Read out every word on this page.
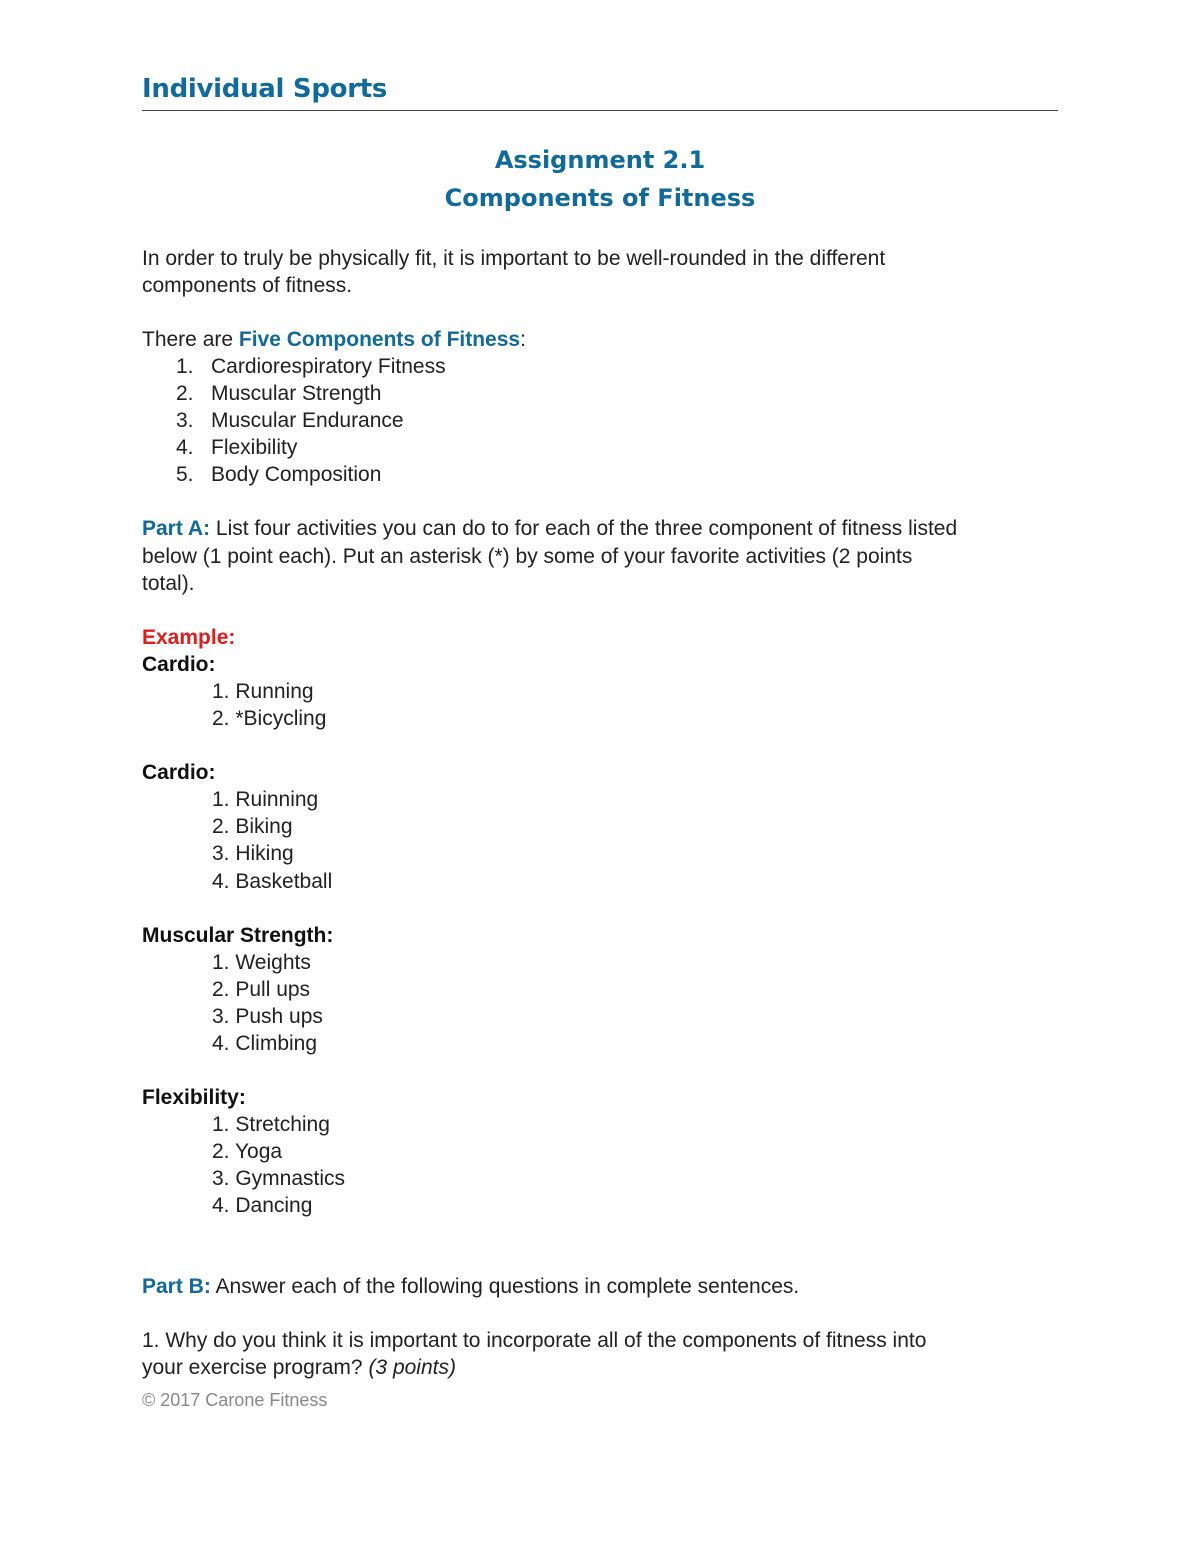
Individual Sports
Assignment 2.1
Components of Fitness
In order to truly be physically fit, it is important to be well-rounded in the different
components of fitness.
There are Five Components of Fitness:
1. Cardiorespiratory Fitness
2. Muscular Strength
3. Muscular Endurance
4. Flexibility
5. Body Composition
Part A: List four activities you can do to for each of the three component of fitness listed
below (1 point each). Put an asterisk (*) by some of your favorite activities (2 points
total).
Example:
Cardio:
1. Running
2. *Bicycling
Cardio:
1. Ruinning
2. Biking
3. Hiking
4. Basketball
Muscular Strength:
1. Weights
2. Pull ups
3. Push ups
4. Climbing
Flexibility:
1. Stretching
2. Yoga
3. Gymnastics
4. Dancing
Part B: Answer each of the following questions in complete sentences.
1. Why do you think it is important to incorporate all of the components of fitness into
your exercise program? (3 points)
© 2017 Carone Fitness
